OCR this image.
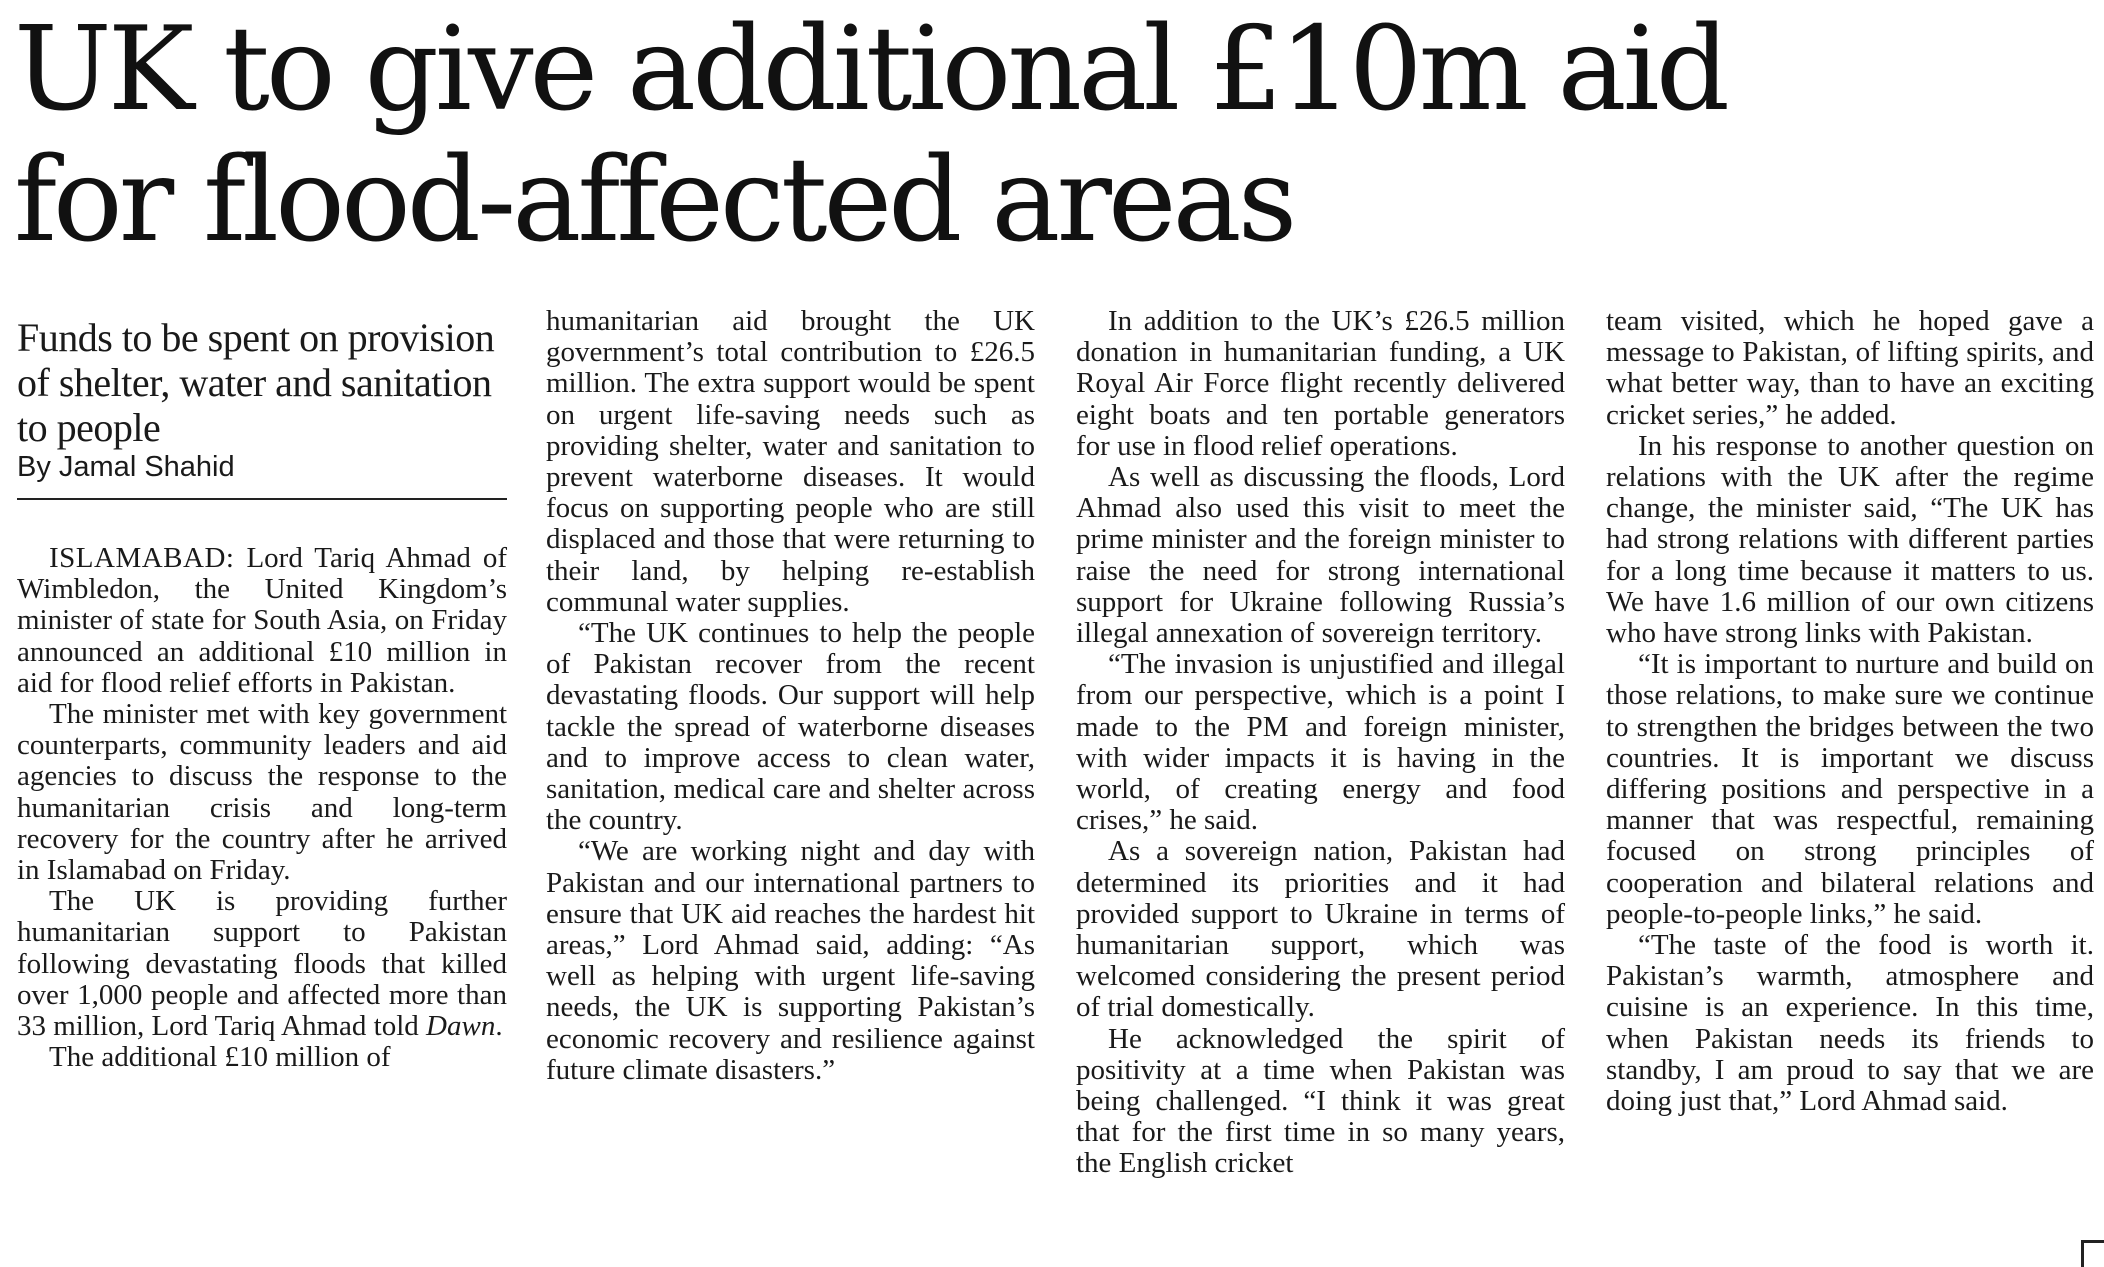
UK to give additional £10m aid
for flood-affected areas

Funds to be spent on provision of shelter, water and sanitation to people

By Jamal Shahid

ISLAMABAD: Lord Tariq Ahmad of Wimbledon, the United Kingdom’s minister of state for South Asia, on Friday announced an additional £10 million in aid for flood relief efforts in Pakistan.

The minister met with key government counterparts, community leaders and aid agencies to discuss the response to the humanitarian crisis and long-term recovery for the country after he arrived in Islamabad on Friday.

The UK is providing further humanitarian support to Pakistan following devastating floods that killed over 1,000 people and affected more than 33 million, Lord Tariq Ahmad told Dawn.

The additional £10 million of

humanitarian aid brought the UK government’s total contribution to £26.5 million. The extra support would be spent on urgent life-saving needs such as providing shelter, water and sanitation to prevent waterborne diseases. It would focus on supporting people who are still displaced and those that were returning to their land, by helping re-establish communal water supplies.

“The UK continues to help the people of Pakistan recover from the recent devastating floods. Our support will help tackle the spread of waterborne diseases and to improve access to clean water, sanitation, medical care and shelter across the country.

“We are working night and day with Pakistan and our international partners to ensure that UK aid reaches the hardest hit areas,” Lord Ahmad said, adding: “As well as helping with urgent life-saving needs, the UK is supporting Pakistan’s economic recovery and resilience against future climate disasters.”

In addition to the UK’s £26.5 million donation in humanitarian funding, a UK Royal Air Force flight recently delivered eight boats and ten portable generators for use in flood relief operations.

As well as discussing the floods, Lord Ahmad also used this visit to meet the prime minister and the foreign minister to raise the need for strong international support for Ukraine following Russia’s illegal annexation of sovereign territory.

“The invasion is unjustified and illegal from our perspective, which is a point I made to the PM and foreign minister, with wider impacts it is having in the world, of creating energy and food crises,” he said.

As a sovereign nation, Pakistan had determined its priorities and it had provided support to Ukraine in terms of humanitarian support, which was welcomed considering the present period of trial domestically.

He acknowledged the spirit of positivity at a time when Pakistan was being challenged. “I think it was great that for the first time in so many years, the English cricket

team visited, which he hoped gave a message to Pakistan, of lifting spirits, and what better way, than to have an exciting cricket series,” he added.

In his response to another question on relations with the UK after the regime change, the minister said, “The UK has had strong relations with different parties for a long time because it matters to us. We have 1.6 million of our own citizens who have strong links with Pakistan.

“It is important to nurture and build on those relations, to make sure we continue to strengthen the bridges between the two countries. It is important we discuss differing positions and perspective in a manner that was respectful, remaining focused on strong principles of cooperation and bilateral relations and people-to-people links,” he said.

“The taste of the food is worth it. Pakistan’s warmth, atmosphere and cuisine is an experience. In this time, when Pakistan needs its friends to standby, I am proud to say that we are doing just that,” Lord Ahmad said.
